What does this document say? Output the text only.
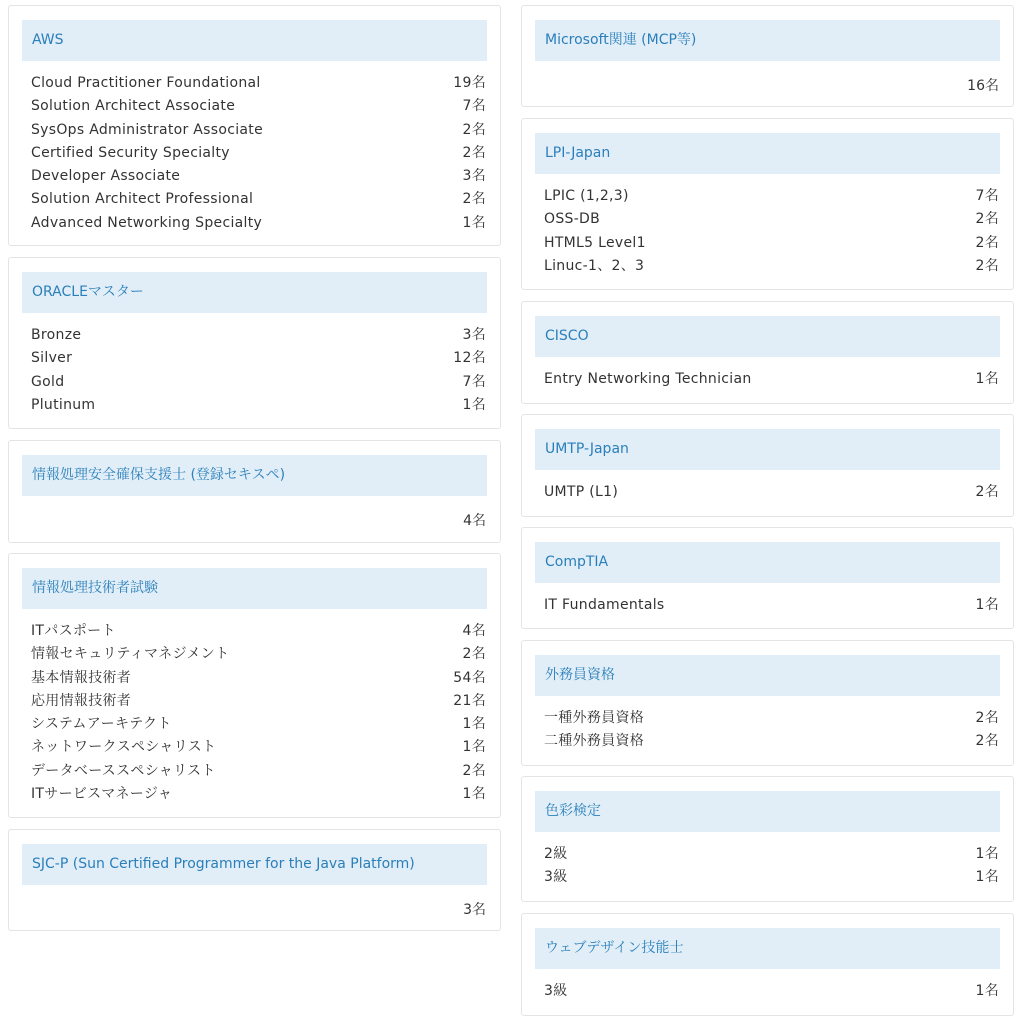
AWS
Cloud Practitioner Foundational	19名
Solution Architect Associate	7名
SysOps Administrator Associate	2名
Certified Security Specialty	2名
Developer Associate	3名
Solution Architect Professional	2名
Advanced Networking Specialty	1名
ORACLEマスター
Bronze	3名
Silver	12名
Gold	7名
Plutinum	1名
情報処理安全確保支援士 (登録セキスペ)
4名
情報処理技術者試験
ITパスポート	4名
情報セキュリティマネジメント	2名
基本情報技術者	54名
応用情報技術者	21名
システムアーキテクト	1名
ネットワークスペシャリスト	1名
データベーススペシャリスト	2名
ITサービスマネージャ	1名
SJC-P (Sun Certified Programmer for the Java Platform)
3名
Microsoft関連 (MCP等)
16名
LPI-Japan
LPIC (1,2,3)	7名
OSS-DB	2名
HTML5 Level1	2名
Linuc-1、2、3	2名
CISCO
Entry Networking Technician	1名
UMTP-Japan
UMTP (L1)	2名
CompTIA
IT Fundamentals	1名
外務員資格
一種外務員資格	2名
二種外務員資格	2名
色彩検定
2級	1名
3級	1名
ウェブデザイン技能士
3級	1名
